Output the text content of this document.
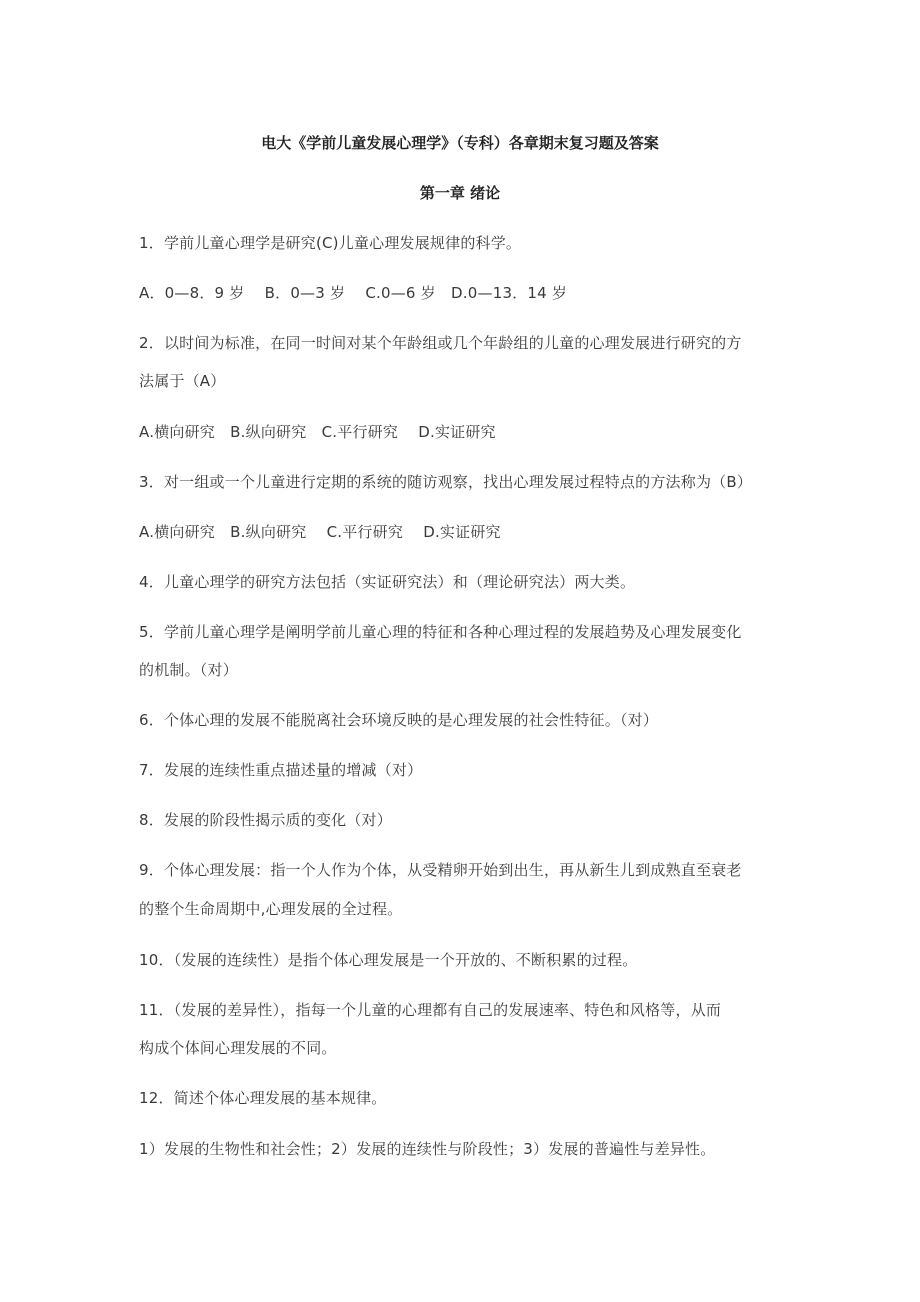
电大《学前儿童发展心理学》（专科）各章期末复习题及答案
第一章 绪论
1．学前儿童心理学是研究(C)儿童心理发展规律的科学。
A．0—8．9 岁　 B．0—3 岁　 C.0—6 岁　D.0—13．14 岁
2．以时间为标准，在同一时间对某个年龄组或几个年龄组的儿童的心理发展进行研究的方
法属于（A）
A.横向研究　B.纵向研究　C.平行研究　 D.实证研究
3．对一组或一个儿童进行定期的系统的随访观察，找出心理发展过程特点的方法称为（B）
A.横向研究　B.纵向研究　 C.平行研究　 D.实证研究
4．儿童心理学的研究方法包括（实证研究法）和（理论研究法）两大类。
5．学前儿童心理学是阐明学前儿童心理的特征和各种心理过程的发展趋势及心理发展变化
的机制。（对）
6．个体心理的发展不能脱离社会环境反映的是心理发展的社会性特征。（对）
7．发展的连续性重点描述量的增减（对）
8．发展的阶段性揭示质的变化（对）
9．个体心理发展：指一个人作为个体，从受精卵开始到出生，再从新生儿到成熟直至衰老
的整个生命周期中,心理发展的全过程。
10．（发展的连续性）是指个体心理发展是一个开放的、不断积累的过程。
11．（发展的差异性），指每一个儿童的心理都有自己的发展速率、特色和风格等，从而
构成个体间心理发展的不同。
12．简述个体心理发展的基本规律。
1）发展的生物性和社会性；2）发展的连续性与阶段性；3）发展的普遍性与差异性。
